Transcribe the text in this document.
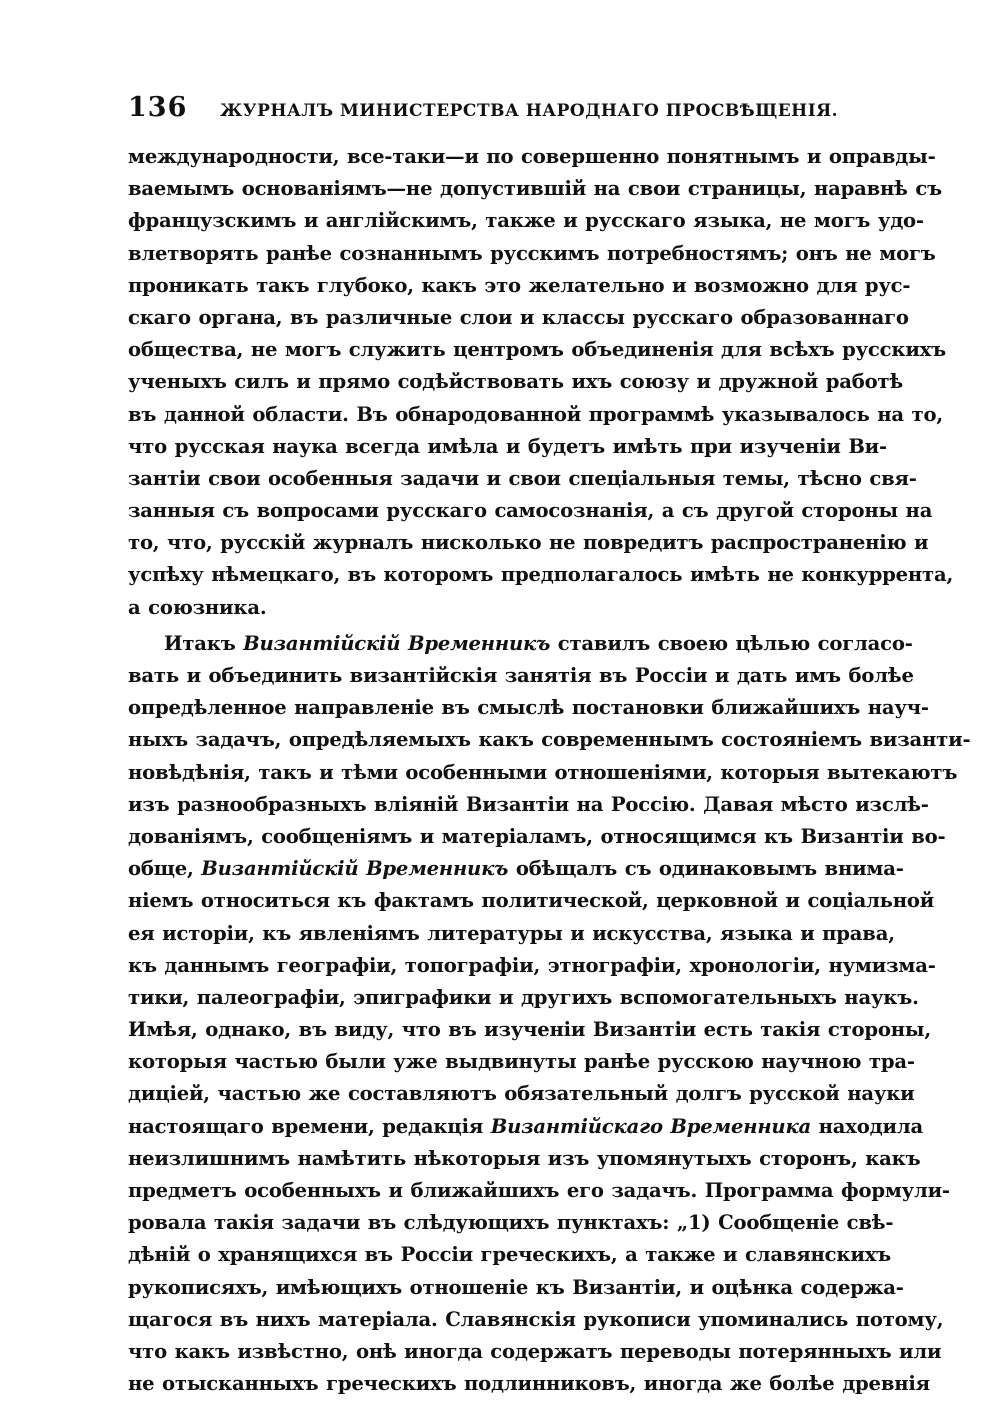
136	ЖУРНАЛЪ МИНИСТЕРСТВА НАРОДНАГО ПРОСВѢЩЕНІЯ.
международности, все-таки—и по совершенно понятнымъ и оправды-
ваемымъ основаніямъ—не допустившій на свои страницы, наравнѣ съ
французскимъ и англійскимъ, также и русскаго языка, не могъ удо-
влетворять ранѣе сознаннымъ русскимъ потребностямъ; онъ не могъ
проникать такъ глубоко, какъ это желательно и возможно для рус-
скаго органа, въ различные слои и классы русскаго образованнаго
общества, не могъ служить центромъ объединенія для всѣхъ русскихъ
ученыхъ силъ и прямо содѣйствовать ихъ союзу и дружной работѣ
въ данной области. Въ обнародованной программѣ указывалось на то,
что русская наука всегда имѣла и будетъ имѣть при изученіи Ви-
зантіи свои особенныя задачи и свои спеціальныя темы, тѣсно свя-
занныя съ вопросами русскаго самосознанія, а съ другой стороны на
то, что, русскій журналъ нисколько не повредитъ распространенію и
успѣху нѣмецкаго, въ которомъ предполагалось имѣть не конкуррента,
а союзника.
Итакъ Византійскій Временникъ ставилъ своею цѣлью согласо-
вать и объединить византійскія занятія въ Россіи и дать имъ болѣе
опредѣленное направленіе въ смыслѣ постановки ближайшихъ науч-
ныхъ задачъ, опредѣляемыхъ какъ современнымъ состояніемъ византи-
новѣдѣнія, такъ и тѣми особенными отношеніями, которыя вытекаютъ
изъ разнообразныхъ вліяній Византіи на Россію. Давая мѣсто изслѣ-
дованіямъ, сообщеніямъ и матеріаламъ, относящимся къ Византіи во-
обще, Византійскій Временникъ обѣщалъ съ одинаковымъ внима-
ніемъ относиться къ фактамъ политической, церковной и соціальной
ея исторіи, къ явленіямъ литературы и искусства, языка и права,
къ даннымъ географіи, топографіи, этнографіи, хронологіи, нумизма-
тики, палеографіи, эпиграфики и другихъ вспомогательныхъ наукъ.
Имѣя, однако, въ виду, что въ изученіи Византіи есть такія стороны,
которыя частью были уже выдвинуты ранѣе русскою научною тра-
диціей, частью же составляютъ обязательный долгъ русской науки
настоящаго времени, редакція Византійскаго Временника находила
неизлишнимъ намѣтить нѣкоторыя изъ упомянутыхъ сторонъ, какъ
предметъ особенныхъ и ближайшихъ его задачъ. Программа формули-
ровала такія задачи въ слѣдующихъ пунктахъ: „1) Сообщеніе свѣ-
дѣній о хранящихся въ Россіи греческихъ, а также и славянскихъ
рукописяхъ, имѣющихъ отношеніе къ Византіи, и оцѣнка содержа-
щагося въ нихъ матеріала. Славянскія рукописи упоминались потому,
что какъ извѣстно, онѣ иногда содержатъ переводы потерянныхъ или
не отысканныхъ греческихъ подлинниковъ, иногда же болѣе древнія
